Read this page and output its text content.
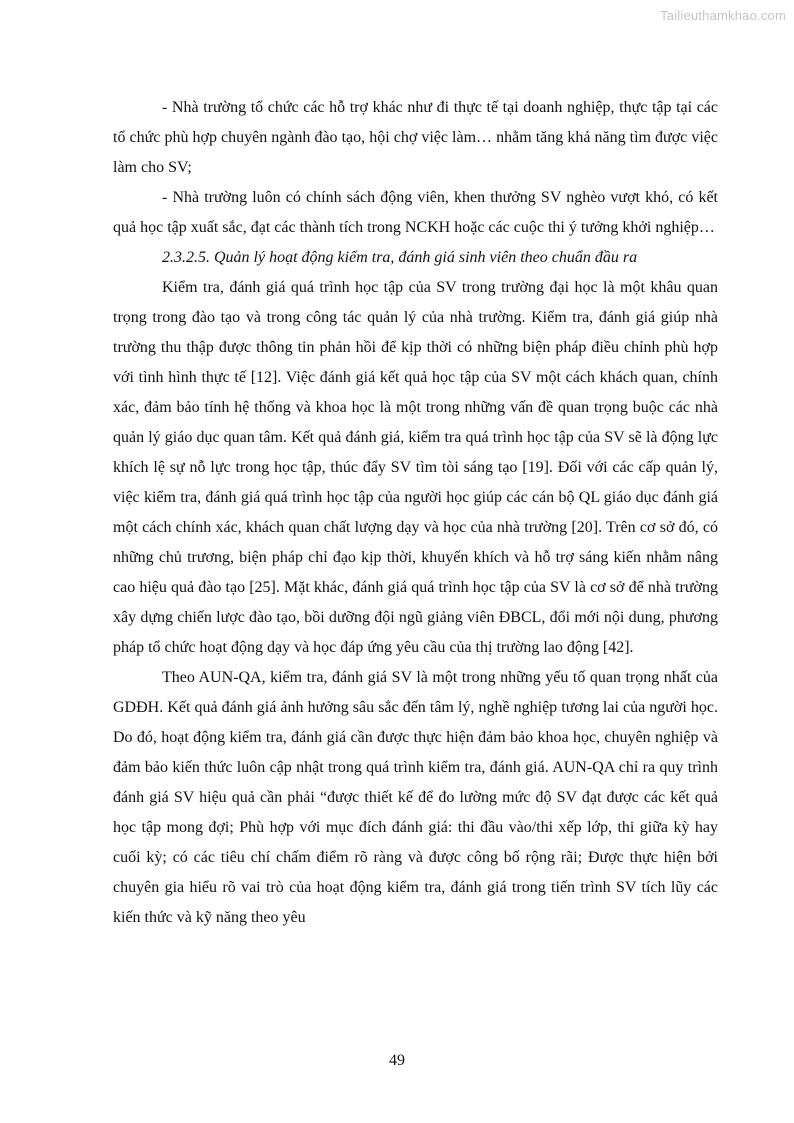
Tailieuthamkhao.com

- Nhà trường tổ chức các hỗ trợ khác như đi thực tế tại doanh nghiệp, thực tập tại các tổ chức phù hợp chuyên ngành đào tạo, hội chợ việc làm… nhằm tăng khả năng tìm được việc làm cho SV;

- Nhà trường luôn có chính sách động viên, khen thưởng SV nghèo vượt khó, có kết quả học tập xuất sắc, đạt các thành tích trong NCKH hoặc các cuộc thi ý tưởng khởi nghiệp…

2.3.2.5. Quản lý hoạt động kiểm tra, đánh giá sinh viên theo chuẩn đầu ra

Kiểm tra, đánh giá quá trình học tập của SV trong trường đại học là một khâu quan trọng trong đào tạo và trong công tác quản lý của nhà trường. Kiểm tra, đánh giá giúp nhà trường thu thập được thông tin phản hồi để kịp thời có những biện pháp điều chỉnh phù hợp với tình hình thực tế [12]. Việc đánh giá kết quả học tập của SV một cách khách quan, chính xác, đảm bảo tính hệ thống và khoa học là một trong những vấn đề quan trọng buộc các nhà quản lý giáo dục quan tâm. Kết quả đánh giá, kiểm tra quá trình học tập của SV sẽ là động lực khích lệ sự nỗ lực trong học tập, thúc đẩy SV tìm tòi sáng tạo [19]. Đối với các cấp quản lý, việc kiểm tra, đánh giá quá trình học tập của người học giúp các cán bộ QL giáo dục đánh giá một cách chính xác, khách quan chất lượng dạy và học của nhà trường [20]. Trên cơ sở đó, có những chủ trương, biện pháp chỉ đạo kịp thời, khuyến khích và hỗ trợ sáng kiến nhằm nâng cao hiệu quả đào tạo [25]. Mặt khác, đánh giá quá trình học tập của SV là cơ sở để nhà trường xây dựng chiến lược đào tạo, bồi dưỡng đội ngũ giảng viên ĐBCL, đổi mới nội dung, phương pháp tổ chức hoạt động dạy và học đáp ứng yêu cầu của thị trường lao động [42].

Theo AUN-QA, kiểm tra, đánh giá SV là một trong những yếu tố quan trọng nhất của GDĐH. Kết quả đánh giá ảnh hưởng sâu sắc đến tâm lý, nghề nghiệp tương lai của người học. Do đó, hoạt động kiểm tra, đánh giá cần được thực hiện đảm bảo khoa học, chuyên nghiệp và đảm bảo kiến thức luôn cập nhật trong quá trình kiểm tra, đánh giá. AUN-QA chỉ ra quy trình đánh giá SV hiệu quả cần phải “được thiết kế để đo lường mức độ SV đạt được các kết quả học tập mong đợi; Phù hợp với mục đích đánh giá: thi đầu vào/thi xếp lớp, thi giữa kỳ hay cuối kỳ; có các tiêu chí chấm điểm rõ ràng và được công bố rộng rãi; Được thực hiện bởi chuyên gia hiểu rõ vai trò của hoạt động kiểm tra, đánh giá trong tiến trình SV tích lũy các kiến thức và kỹ năng theo yêu

49
